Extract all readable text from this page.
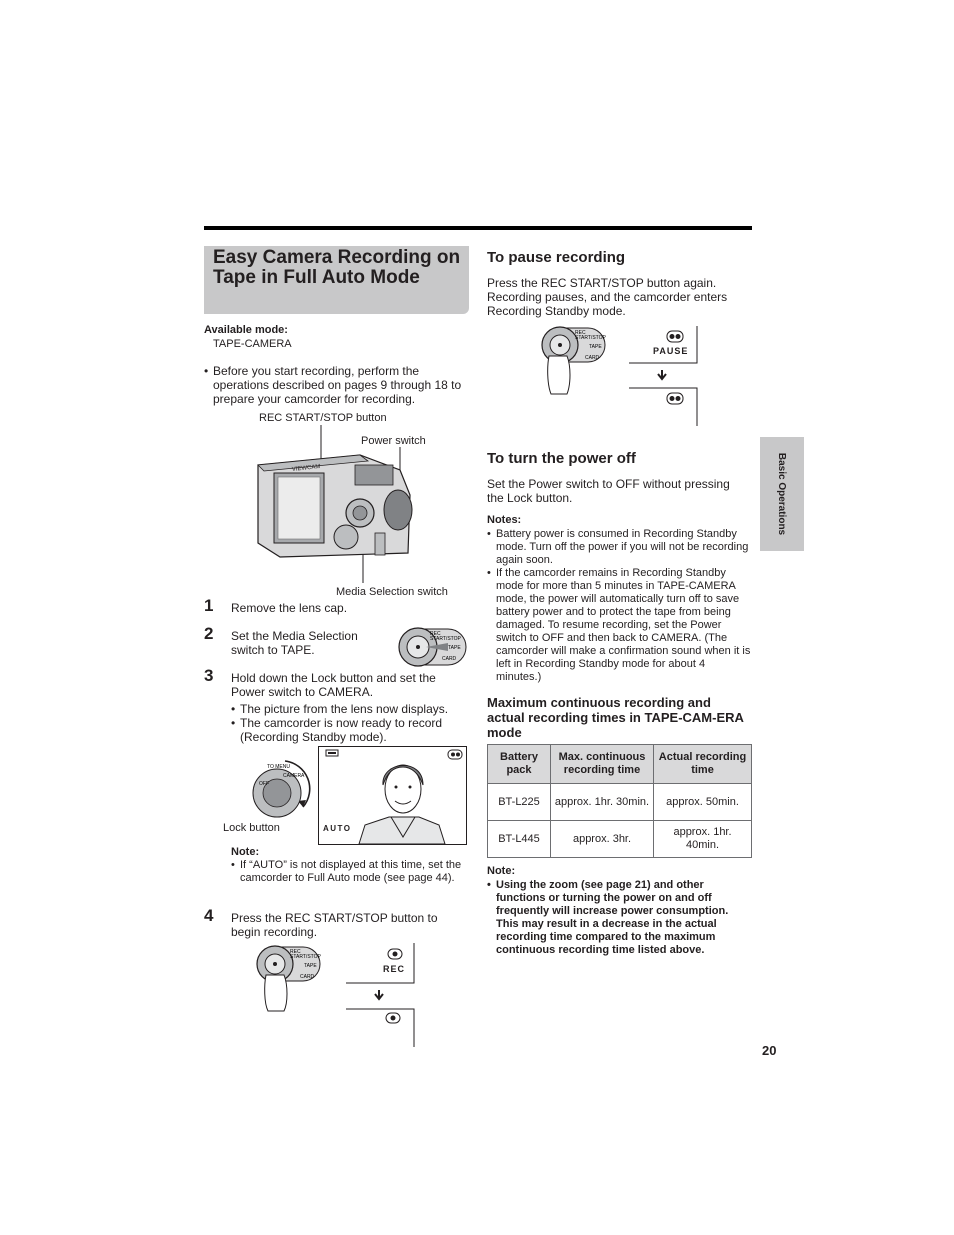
Easy Camera Recording on Tape in Full Auto Mode
Available mode:
TAPE-CAMERA
• Before you start recording, perform the operations described on pages 9 through 18 to prepare your camcorder for recording.
REC START/STOP button
Power switch
Media Selection switch
VIEWCAM
1 Remove the lens cap.
2 Set the Media Selection switch to TAPE.
REC
START/STOP
TAPE
CARD
3 Hold down the Lock button and set the Power switch to CAMERA.
• The picture from the lens now displays.
• The camcorder is now ready to record (Recording Standby mode).
TO MENU
CAMERA
OFF
Lock button	AUTO
Note:
• If “AUTO” is not displayed at this time, set the camcorder to Full Auto mode (see page 44).
4 Press the REC START/STOP button to begin recording.
REC
START/STOP
TAPE
CARD
REC
To pause recording
Press the REC START/STOP button again. Recording pauses, and the camcorder enters Recording Standby mode.
REC
START/STOP
TAPE
CARD
PAUSE
To turn the power off
Set the Power switch to OFF without pressing the Lock button.
Notes:
• Battery power is consumed in Recording Standby mode. Turn off the power if you will not be recording again soon.
• If the camcorder remains in Recording Standby mode for more than 5 minutes in TAPE-CAMERA mode, the power will automatically turn off to save battery power and to protect the tape from being damaged. To resume recording, set the Power switch to OFF and then back to CAMERA. (The camcorder will make a confirmation sound when it is left in Recording Standby mode for about 4 minutes.)
Maximum continuous recording and actual recording times in TAPE-CAM-ERA mode
Battery pack	Max. continuous recording time	Actual recording time
BT-L225	approx. 1hr. 30min.	approx. 50min.
BT-L445	approx. 3hr.	approx. 1hr. 40min.
Note:
• Using the zoom (see page 21) and other functions or turning the power on and off frequently will increase power consumption. This may result in a decrease in the actual recording time compared to the maximum continuous recording time listed above.
Basic Operations
20
